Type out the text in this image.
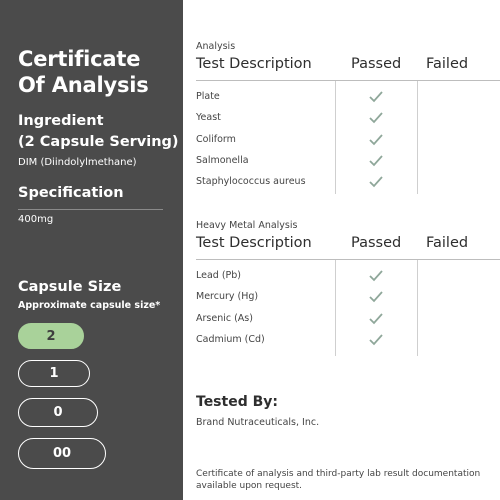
Certificate
Of Analysis
Ingredient
(2 Capsule Serving)
DIM (Diindolylmethane)
Specification
400mg
Capsule Size
Approximate capsule size*
2
1
0
00
Analysis
Test Description	Passed Failed
Plate
Yeast
Coliform
Salmonella
Staphylococcus aureus
Heavy Metal Analysis
Test Description	Passed Failed
Lead (Pb)
Mercury (Hg)
Arsenic (As)
Cadmium (Cd)
Tested By:
Brand Nutraceuticals, Inc.
Certificate of analysis and third-party lab result documentation available upon request.
